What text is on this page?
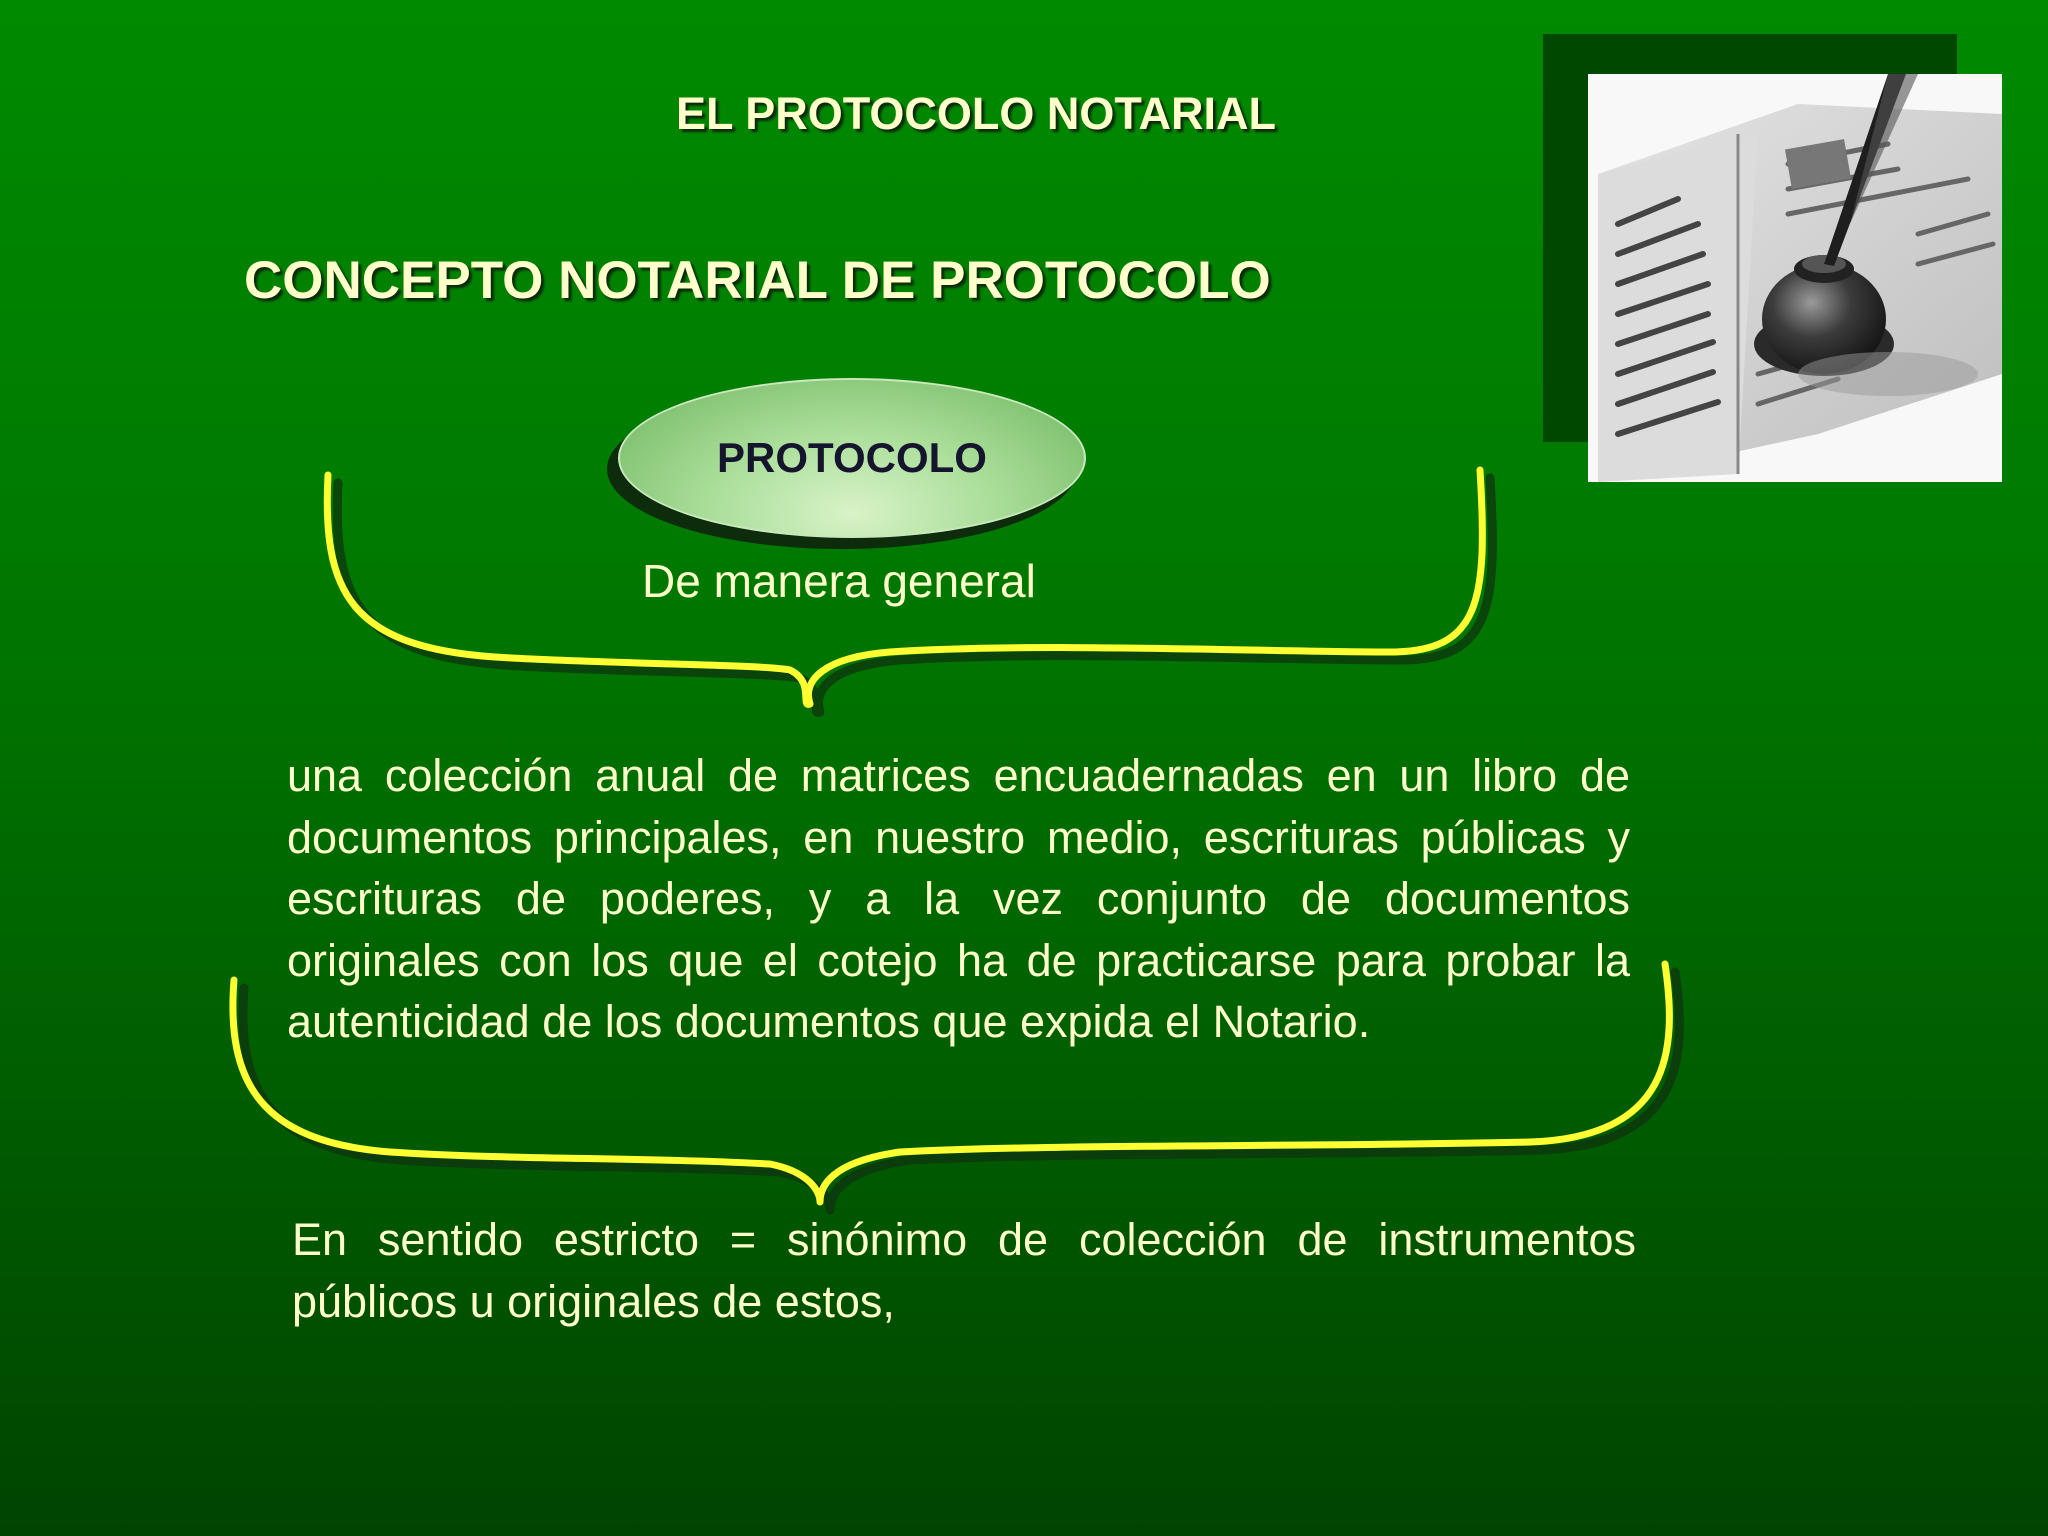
EL PROTOCOLO NOTARIAL
CONCEPTO NOTARIAL DE PROTOCOLO
PROTOCOLO
De manera general
una colección anual de matrices encuadernadas en un libro de documentos principales, en nuestro medio, escrituras públicas y escrituras de poderes, y a la vez conjunto de documentos originales con los que el cotejo ha de practicarse para probar la autenticidad de los documentos que expida el Notario.
En sentido estricto = sinónimo de colección de instrumentos públicos u originales de estos,
